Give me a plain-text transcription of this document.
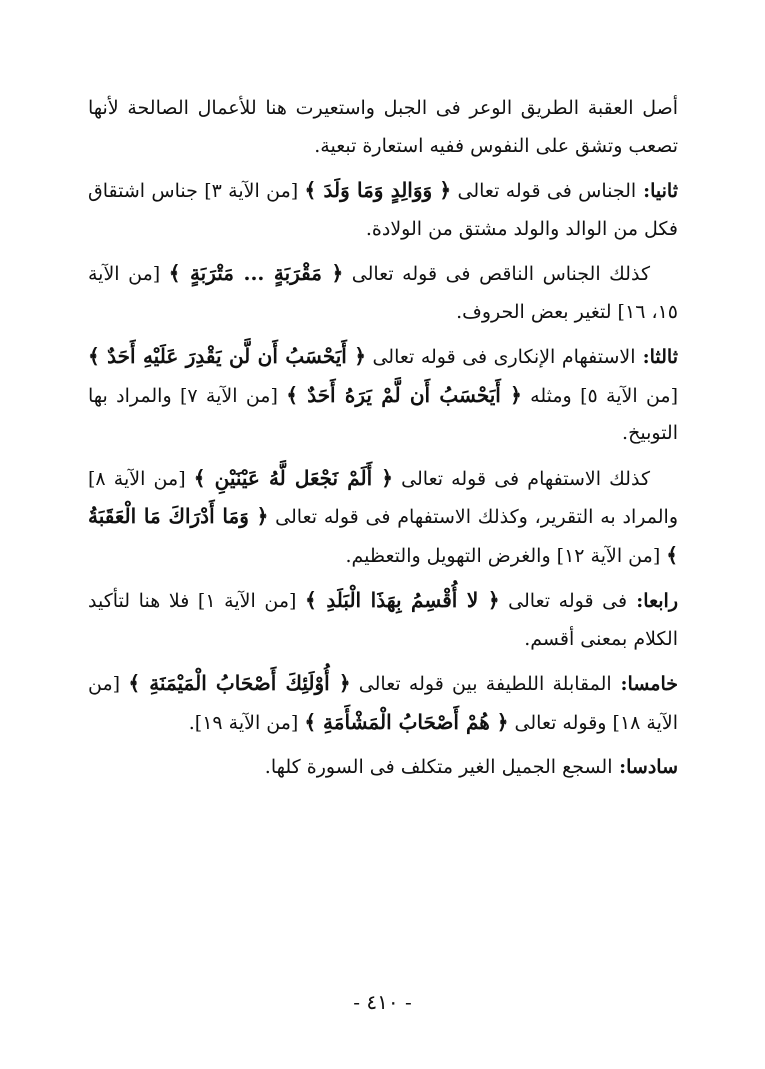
أصل العقبة الطريق الوعر فى الجبل واستعيرت هنا للأعمال الصالحة لأنها تصعب وتشق على النفوس ففيه استعارة تبعية.

ثانيا: الجناس فى قوله تعالى ﴿ وَوَالِدٍ وَمَا وَلَدَ ﴾ [من الآية ٣] جناس اشتقاق فكل من الوالد والولد مشتق من الولادة.

كذلك الجناس الناقص فى قوله تعالى ﴿ مَقْرَبَةٍ ... مَتْرَبَةٍ ﴾ [من الآية ١٥، ١٦] لتغير بعض الحروف.

ثالثا: الاستفهام الإنكارى فى قوله تعالى ﴿ أَيَحْسَبُ أَن لَّن يَقْدِرَ عَلَيْهِ أَحَدٌ ﴾ [من الآية ٥] ومثله ﴿ أَيَحْسَبُ أَن لَّمْ يَرَهُ أَحَدٌ ﴾ [من الآية ٧] والمراد بها التوبيخ.

كذلك الاستفهام فى قوله تعالى ﴿ أَلَمْ نَجْعَل لَّهُ عَيْنَيْنِ ﴾ [من الآية ٨] والمراد به التقرير، وكذلك الاستفهام فى قوله تعالى ﴿ وَمَا أَدْرَاكَ مَا الْعَقَبَةُ ﴾ [من الآية ١٢] والغرض التهويل والتعظيم.

رابعا: فى قوله تعالى ﴿ لا أُقْسِمُ بِهَذَا الْبَلَدِ ﴾ [من الآية ١] فلا هنا لتأكيد الكلام بمعنى أقسم.

خامسا: المقابلة اللطيفة بين قوله تعالى ﴿ أُوْلَئِكَ أَصْحَابُ الْمَيْمَنَةِ ﴾ [من الآية ١٨] وقوله تعالى ﴿ هُمْ أَصْحَابُ الْمَشْأَمَةِ ﴾ [من الآية ١٩].

سادسا: السجع الجميل الغير متكلف فى السورة كلها.

- ٤١٠ -
